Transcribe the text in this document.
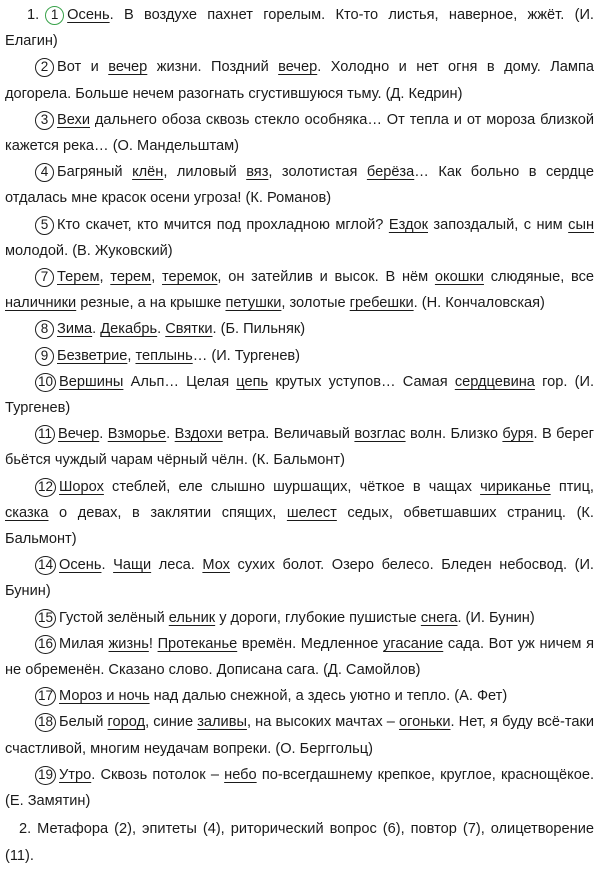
1. 1 Осень. В воздухе пахнет горелым. Кто-то листья, наверное, жжёт. (И. Елагин)

2 Вот и вечер жизни. Поздний вечер. Холодно и нет огня в дому. Лампа догорела. Больше нечем разогнать сгустившуюся тьму. (Д. Кедрин)

3 Вехи дальнего обоза сквозь стекло особняка… От тепла и от мороза близкой кажется река… (О. Мандельштам)

4 Багряный клён, лиловый вяз, золотистая берёза… Как больно в сердце отдалась мне красок осени угроза! (К. Романов)

5 Кто скачет, кто мчится под прохладною мглой? Ездок запоздалый, с ним сын молодой. (В. Жуковский)

7 Терем, терем, теремок, он затейлив и высок. В нём окошки слюдяные, все наличники резные, а на крышке петушки, золотые гребешки. (Н. Кончаловская)

8 Зима. Декабрь. Святки. (Б. Пильняк)

9 Безветрие, теплынь… (И. Тургенев)

10 Вершины Альп… Целая цепь крутых уступов… Самая сердцевина гор. (И. Тургенев)

11 Вечер. Взморье. Вздохи ветра. Величавый возглас волн. Близко буря. В берег бьётся чуждый чарам чёрный чёлн. (К. Бальмонт)

12 Шорох стеблей, еле слышно шуршащих, чёткое в чащах чириканье птиц, сказка о девах, в заклятии спящих, шелест седых, обветшавших страниц. (К. Бальмонт)

14 Осень. Чащи леса. Мох сухих болот. Озеро белесо. Бледен небосвод. (И. Бунин)

15 Густой зелёный ельник у дороги, глубокие пушистые снега. (И. Бунин)

16 Милая жизнь! Протеканье времён. Медленное угасание сада. Вот уж ничем я не обременён. Сказано слово. Дописана сага. (Д. Самойлов)

17 Мороз и ночь над далью снежной, а здесь уютно и тепло. (А. Фет)

18 Белый город, синие заливы, на высоких мачтах – огоньки. Нет, я буду всё-таки счастливой, многим неудачам вопреки. (О. Берггольц)

19 Утро. Сквозь потолок – небо по-всегдашнему крепкое, круглое, краснощёкое. (Е. Замятин)

2. Метафора (2), эпитеты (4), риторический вопрос (6), повтор (7), олицетворение (11).
